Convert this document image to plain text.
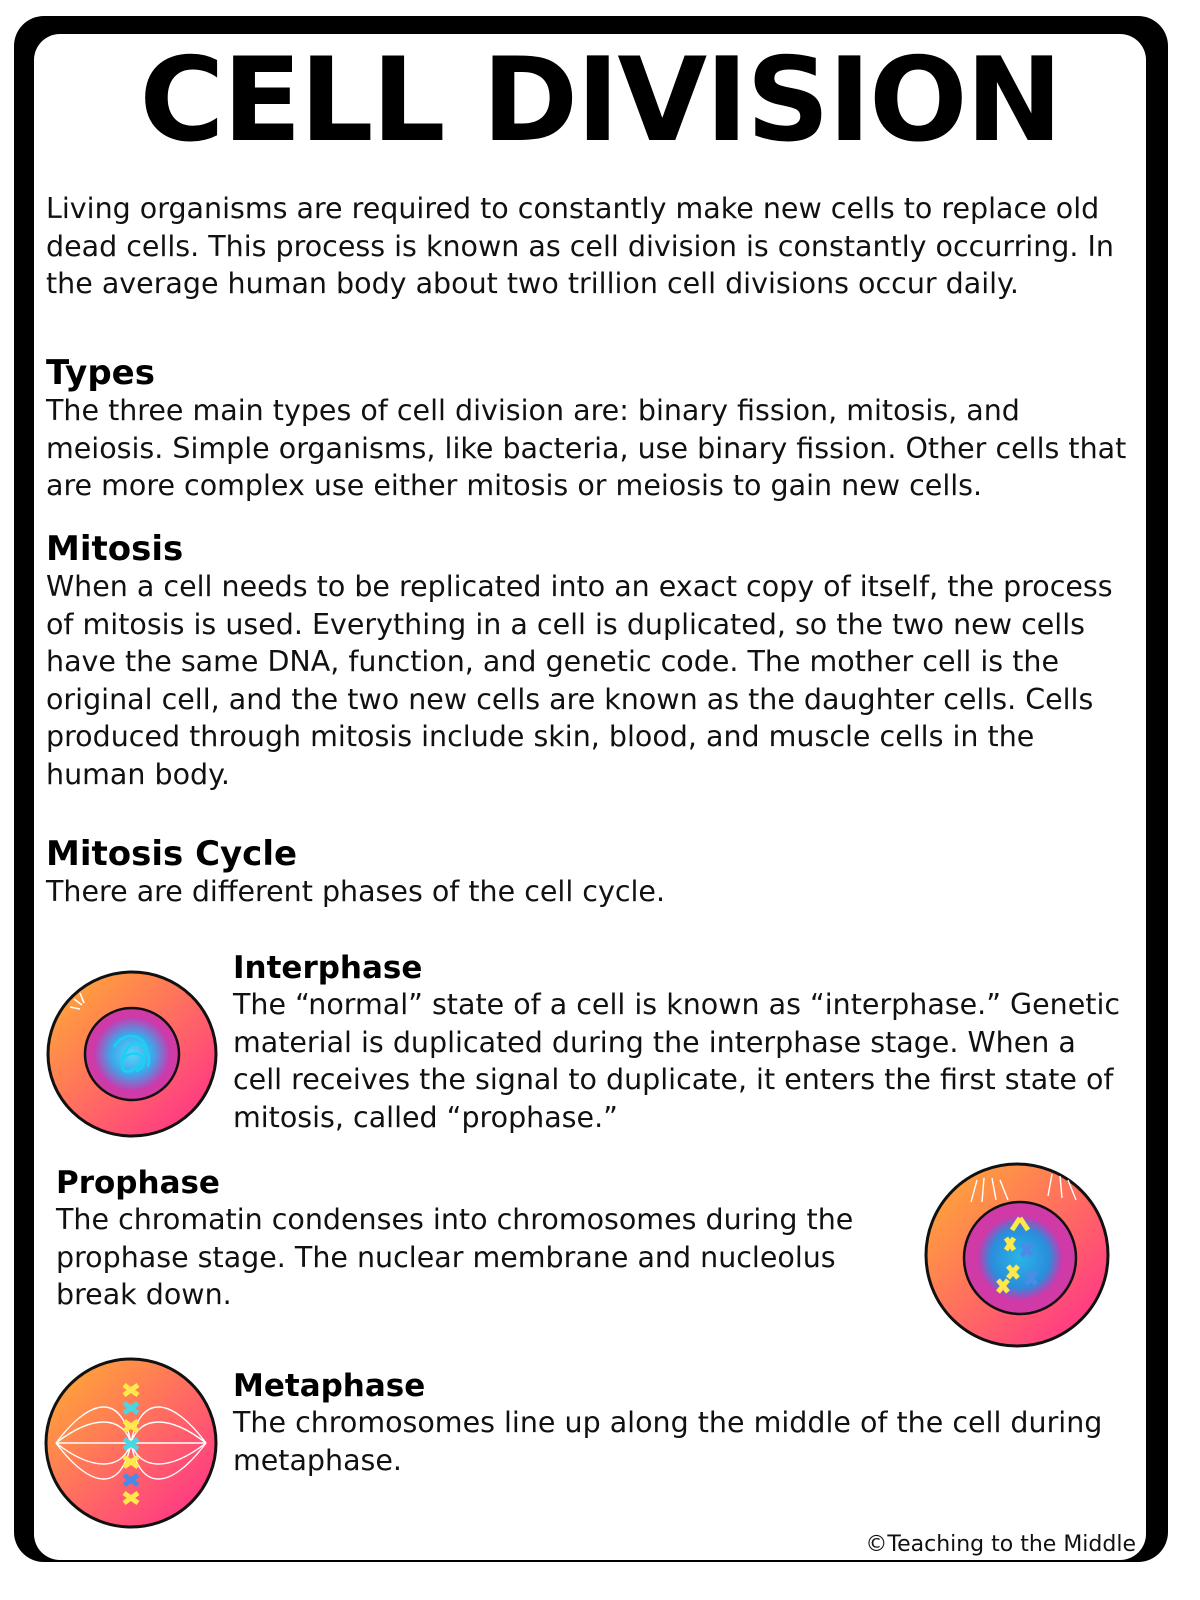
CELL DIVISION

Living organisms are required to constantly make new cells to replace old dead cells. This process is known as cell division is constantly occurring. In the average human body about two trillion cell divisions occur daily.

Types

The three main types of cell division are: binary fission, mitosis, and meiosis. Simple organisms, like bacteria, use binary fission. Other cells that are more complex use either mitosis or meiosis to gain new cells.

Mitosis

When a cell needs to be replicated into an exact copy of itself, the process of mitosis is used. Everything in a cell is duplicated, so the two new cells have the same DNA, function, and genetic code. The mother cell is the original cell, and the two new cells are known as the daughter cells. Cells produced through mitosis include skin, blood, and muscle cells in the human body.

Mitosis Cycle

There are different phases of the cell cycle.

Interphase

The “normal” state of a cell is known as “interphase.” Genetic material is duplicated during the interphase stage. When a cell receives the signal to duplicate, it enters the first state of mitosis, called “prophase.”

Prophase

The chromatin condenses into chromosomes during the prophase stage. The nuclear membrane and nucleolus break down.

Metaphase

The chromosomes line up along the middle of the cell during metaphase.

©Teaching to the Middle
